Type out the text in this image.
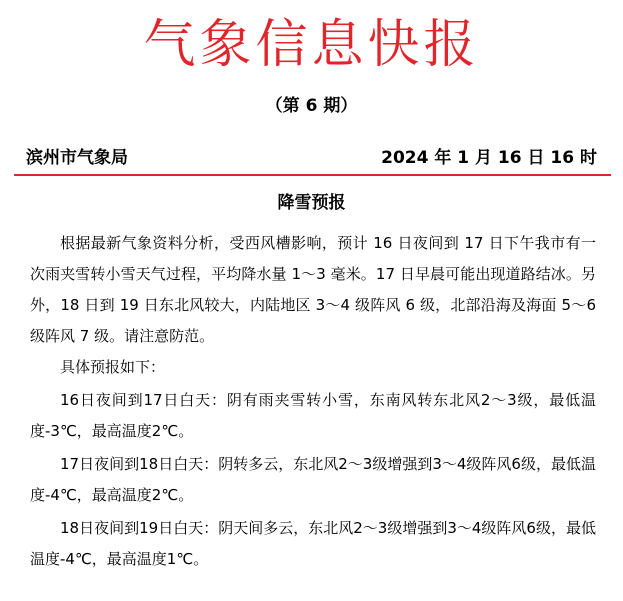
气象信息快报
（第 6 期）
滨州市气象局	2024 年 1 月 16 日 16 时
降雪预报

根据最新气象资料分析，受西风槽影响，预计 16 日夜间到 17 日下午我市有一次雨夹雪转小雪天气过程，平均降水量 1～3 毫米。17 日早晨可能出现道路结冰。另外，18 日到 19 日东北风较大，内陆地区 3～4 级阵风 6 级，北部沿海及海面 5～6 级阵风 7 级。请注意防范。

具体预报如下：

16日夜间到17日白天：阴有雨夹雪转小雪，东南风转东北风2～3级，最低温度-3℃，最高温度2℃。

17日夜间到18日白天：阴转多云，东北风2～3级增强到3～4级阵风6级，最低温度-4℃，最高温度2℃。

18日夜间到19日白天：阴天间多云，东北风2～3级增强到3～4级阵风6级，最低温度-4℃，最高温度1℃。
